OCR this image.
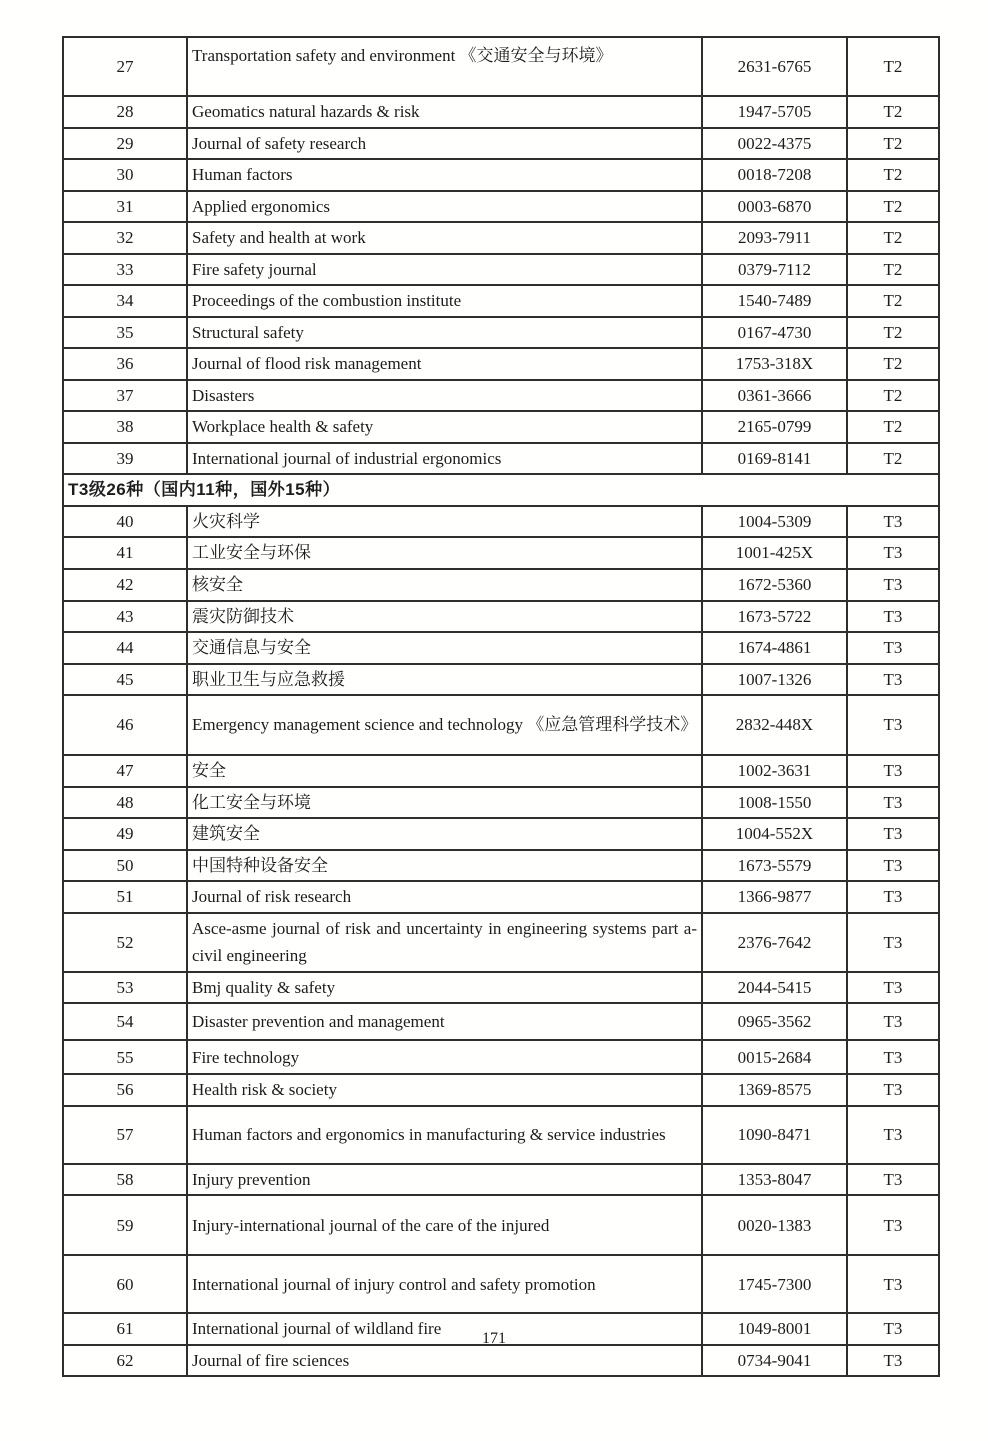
27	Transportation safety and environment 《交通安全与环境》	2631-6765	T2
28	Geomatics natural hazards & risk	1947-5705	T2
29	Journal of safety research	0022-4375	T2
30	Human factors	0018-7208	T2
31	Applied ergonomics	0003-6870	T2
32	Safety and health at work	2093-7911	T2
33	Fire safety journal	0379-7112	T2
34	Proceedings of the combustion institute	1540-7489	T2
35	Structural safety	0167-4730	T2
36	Journal of flood risk management	1753-318X	T2
37	Disasters	0361-3666	T2
38	Workplace health & safety	2165-0799	T2
39	International journal of industrial ergonomics	0169-8141	T2
T3级26种（国内11种，国外15种）			
40	火灾科学	1004-5309	T3
41	工业安全与环保	1001-425X	T3
42	核安全	1672-5360	T3
43	震灾防御技术	1673-5722	T3
44	交通信息与安全	1674-4861	T3
45	职业卫生与应急救援	1007-1326	T3
46	Emergency management science and technology 《应急管理科学技术》	2832-448X	T3
47	安全	1002-3631	T3
48	化工安全与环境	1008-1550	T3
49	建筑安全	1004-552X	T3
50	中国特种设备安全	1673-5579	T3
51	Journal of risk research	1366-9877	T3
52	Asce-asme journal of risk and uncertainty in engineering systems part a-civil engineering	2376-7642	T3
53	Bmj quality & safety	2044-5415	T3
54	Disaster prevention and management	0965-3562	T3
55	Fire technology	0015-2684	T3
56	Health risk & society	1369-8575	T3
57	Human factors and ergonomics in manufacturing & service industries	1090-8471	T3
58	Injury prevention	1353-8047	T3
59	Injury-international journal of the care of the injured	0020-1383	T3
60	International journal of injury control and safety promotion	1745-7300	T3
61	International journal of wildland fire	1049-8001	T3
62	Journal of fire sciences	0734-9041	T3
171
